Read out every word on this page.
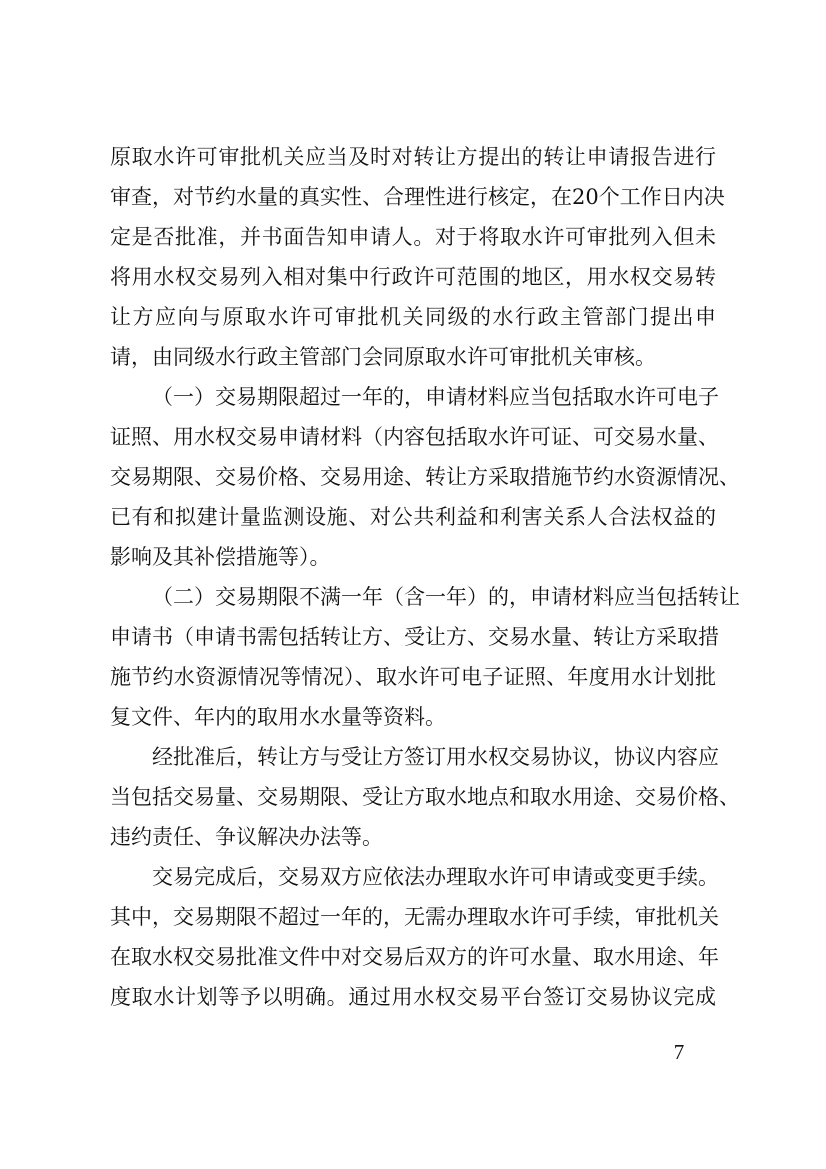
原取水许可审批机关应当及时对转让方提出的转让申请报告进行
审查，对节约水量的真实性、合理性进行核定，在20个工作日内决
定是否批准，并书面告知申请人。对于将取水许可审批列入但未
将用水权交易列入相对集中行政许可范围的地区，用水权交易转
让方应向与原取水许可审批机关同级的水行政主管部门提出申
请，由同级水行政主管部门会同原取水许可审批机关审核。
（一）交易期限超过一年的，申请材料应当包括取水许可电子
证照、用水权交易申请材料（内容包括取水许可证、可交易水量、
交易期限、交易价格、交易用途、转让方采取措施节约水资源情况、
已有和拟建计量监测设施、对公共利益和利害关系人合法权益的
影响及其补偿措施等）。
（二）交易期限不满一年（含一年）的，申请材料应当包括转让
申请书（申请书需包括转让方、受让方、交易水量、转让方采取措
施节约水资源情况等情况）、取水许可电子证照、年度用水计划批
复文件、年内的取用水水量等资料。
经批准后，转让方与受让方签订用水权交易协议，协议内容应
当包括交易量、交易期限、受让方取水地点和取水用途、交易价格、
违约责任、争议解决办法等。
交易完成后，交易双方应依法办理取水许可申请或变更手续。
其中，交易期限不超过一年的，无需办理取水许可手续，审批机关
在取水权交易批准文件中对交易后双方的许可水量、取水用途、年
度取水计划等予以明确。通过用水权交易平台签订交易协议完成
7
